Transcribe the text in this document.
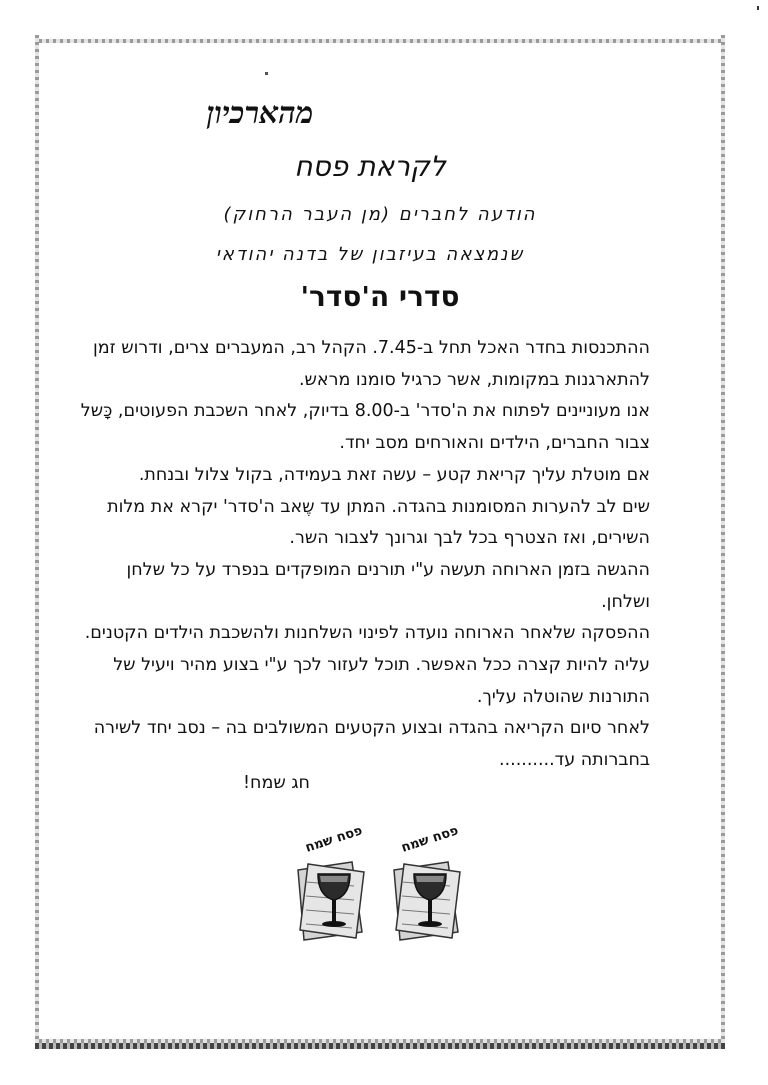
מהארכיון
לקראת פסח
הודעה לחברים (מן העבר הרחוק)
שנמצאה בעיזבון של בדנה יהודאי
סדרי ה'סדר'
ההתכנסות בחדר האכל תחל ב-7.45. הקהל רב, המעברים צרים, ודרוש זמן
להתארגנות במקומות, אשר כרגיל סומנו מראש.
אנו מעוניינים לפתוח את ה'סדר' ב-8.00 בדיוק, לאחר השכבת הפעוטים, כָּשל
צבור החברים, הילדים והאורחים מסב יחד.
אם מוטלת עליך קריאת קטע – עשה זאת בעמידה, בקול צלול ובנחת.
שים לב להערות המסומנות בהגדה. המתן עד שֶאב ה'סדר' יקרא את מלות
השירים, ואז הצטרף בכל לבך וגרונך לצבור השר.
ההגשה בזמן הארוחה תעשה ע"י תורנים המופקדים בנפרד על כל שלחן
ושלחן.
ההפסקה שלאחר הארוחה נועדה לפינוי השלחנות ולהשכבת הילדים הקטנים.
עליה להיות קצרה ככל האפשר. תוכל לעזור לכך ע"י בצוע מהיר ויעיל של
התורנות שהוטלה עליך.
לאחר סיום הקריאה בהגדה ובצוע הקטעים המשולבים בה – נסב יחד לשירה
בחברותה עד..........
חג שמח!
פסח שמח	פסח שמח
